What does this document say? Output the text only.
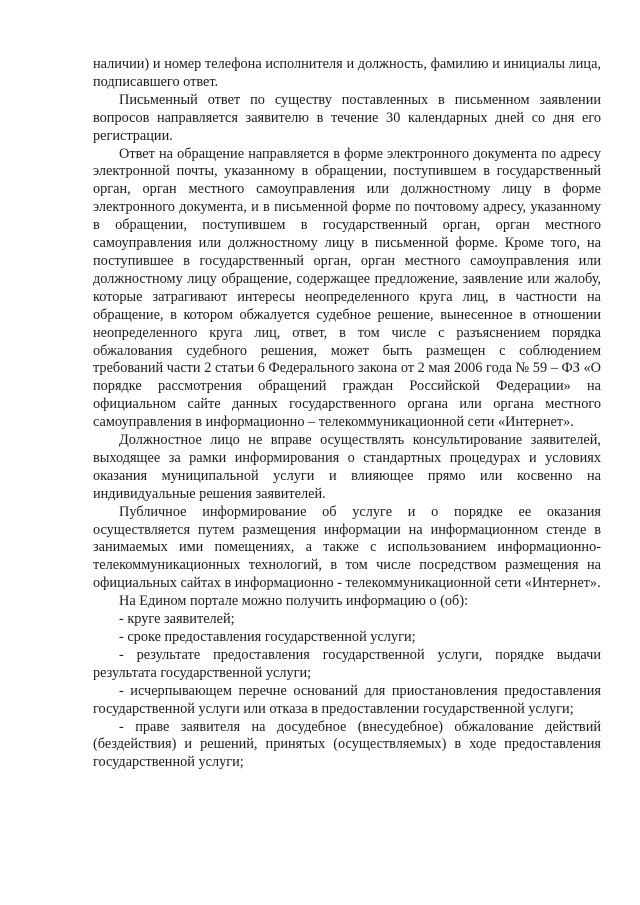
наличии) и номер телефона исполнителя и должность, фамилию и инициалы лица, подписавшего ответ.

Письменный ответ по существу поставленных в письменном заявлении вопросов направляется заявителю в течение 30 календарных дней со дня его регистрации.

Ответ на обращение направляется в форме электронного документа по адресу электронной почты, указанному в обращении, поступившем в государственный орган, орган местного самоуправления или должностному лицу в форме электронного документа, и в письменной форме по почтовому адресу, указанному в обращении, поступившем в государственный орган, орган местного самоуправления или должностному лицу в письменной форме. Кроме того, на поступившее в государственный орган, орган местного самоуправления или должностному лицу обращение, содержащее предложение, заявление или жалобу, которые затрагивают интересы неопределенного круга лиц, в частности на обращение, в котором обжалуется судебное решение, вынесенное в отношении неопределенного круга лиц, ответ, в том числе с разъяснением порядка обжалования судебного решения, может быть размещен с соблюдением требований части 2 статьи 6 Федерального закона от 2 мая 2006 года № 59 – ФЗ «О порядке рассмотрения обращений граждан Российской Федерации» на официальном сайте данных государственного органа или органа местного самоуправления в информационно – телекоммуникационной сети «Интернет».

Должностное лицо не вправе осуществлять консультирование заявителей, выходящее за рамки информирования о стандартных процедурах и условиях оказания муниципальной услуги и влияющее прямо или косвенно на индивидуальные решения заявителей.

Публичное информирование об услуге и о порядке ее оказания осуществляется путем размещения информации на информационном стенде в занимаемых ими помещениях, а также с использованием информационно-телекоммуникационных технологий, в том числе посредством размещения на официальных сайтах в информационно - телекоммуникационной сети «Интернет».

На Едином портале можно получить информацию о (об):

- круге заявителей;

- сроке предоставления государственной услуги;

- результате предоставления государственной услуги, порядке выдачи результата государственной услуги;

- исчерпывающем перечне оснований для приостановления предоставления государственной услуги или отказа в предоставлении государственной услуги;

- праве заявителя на досудебное (внесудебное) обжалование действий (бездействия) и решений, принятых (осуществляемых) в ходе предоставления государственной услуги;
